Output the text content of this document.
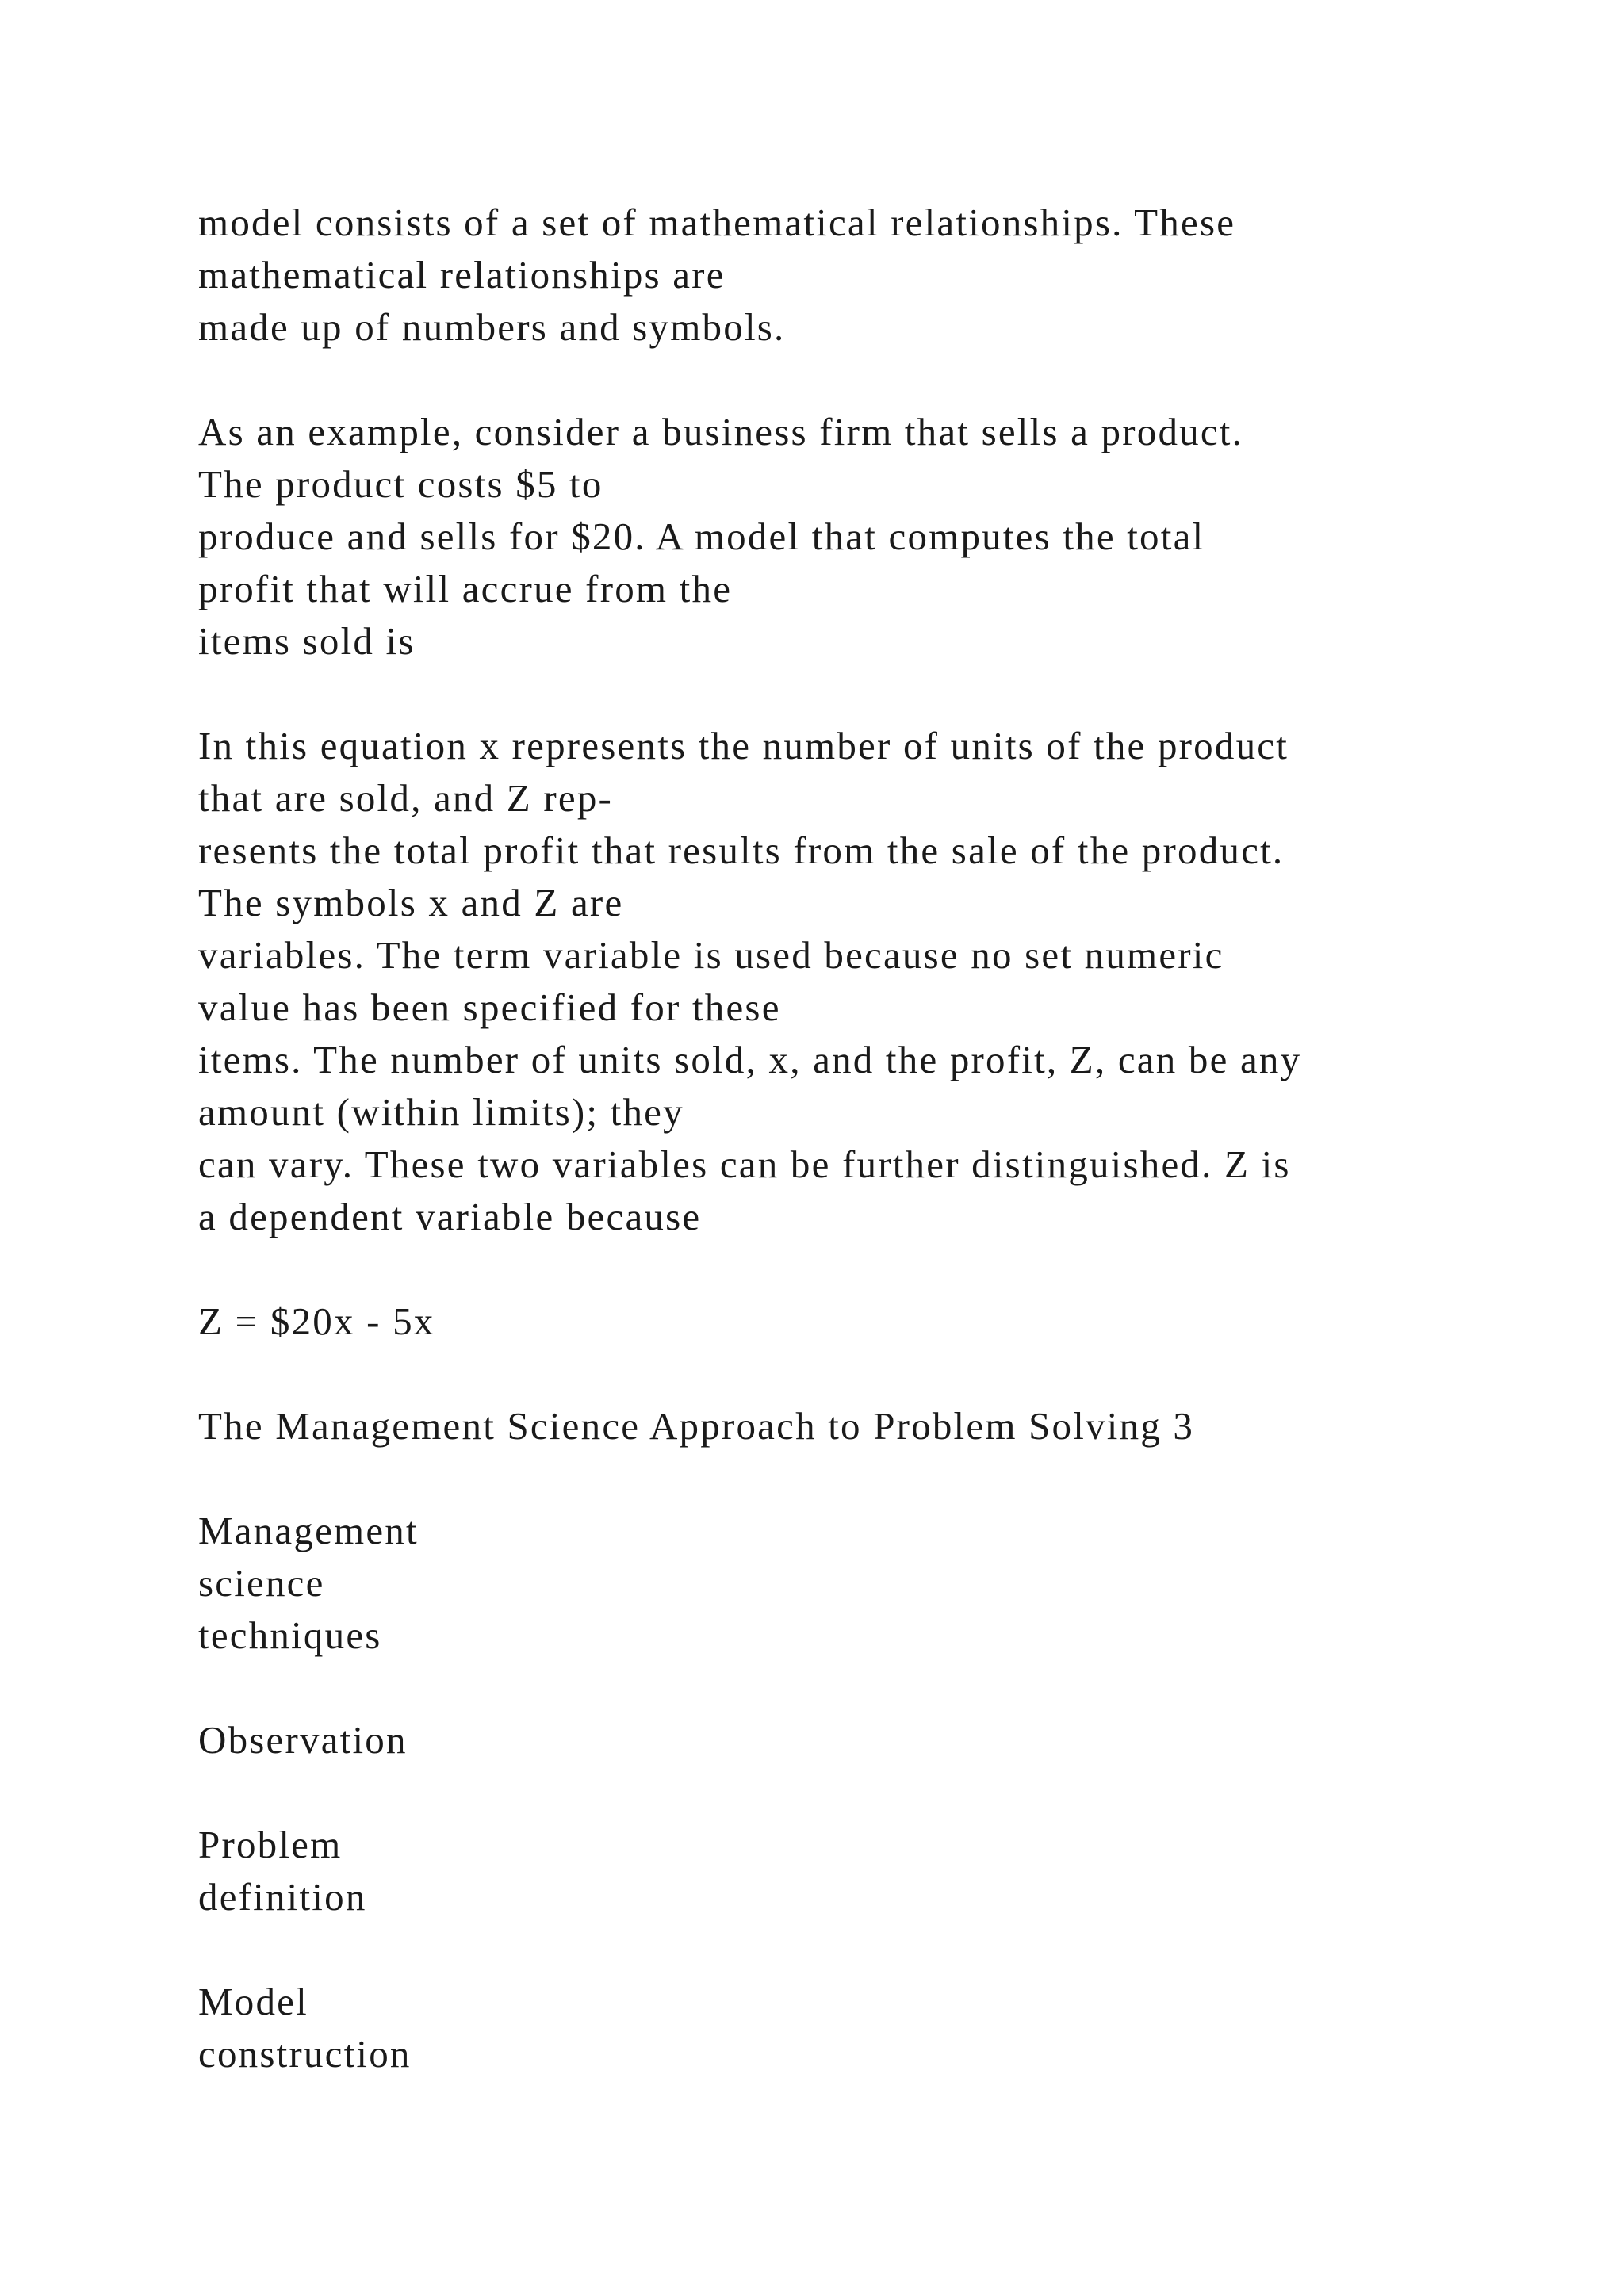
model consists of a set of mathematical relationships. These
mathematical relationships are
made up of numbers and symbols.
As an example, consider a business firm that sells a product.
The product costs $5 to
produce and sells for $20. A model that computes the total
profit that will accrue from the
items sold is
In this equation x represents the number of units of the product
that are sold, and Z rep-
resents the total profit that results from the sale of the product.
The symbols x and Z are
variables. The term variable is used because no set numeric
value has been specified for these
items. The number of units sold, x, and the profit, Z, can be any
amount (within limits); they
can vary. These two variables can be further distinguished. Z is
a dependent variable because
Z = $20x - 5x
The Management Science Approach to Problem Solving 3
Management
science
techniques
Observation
Problem
definition
Model
construction
